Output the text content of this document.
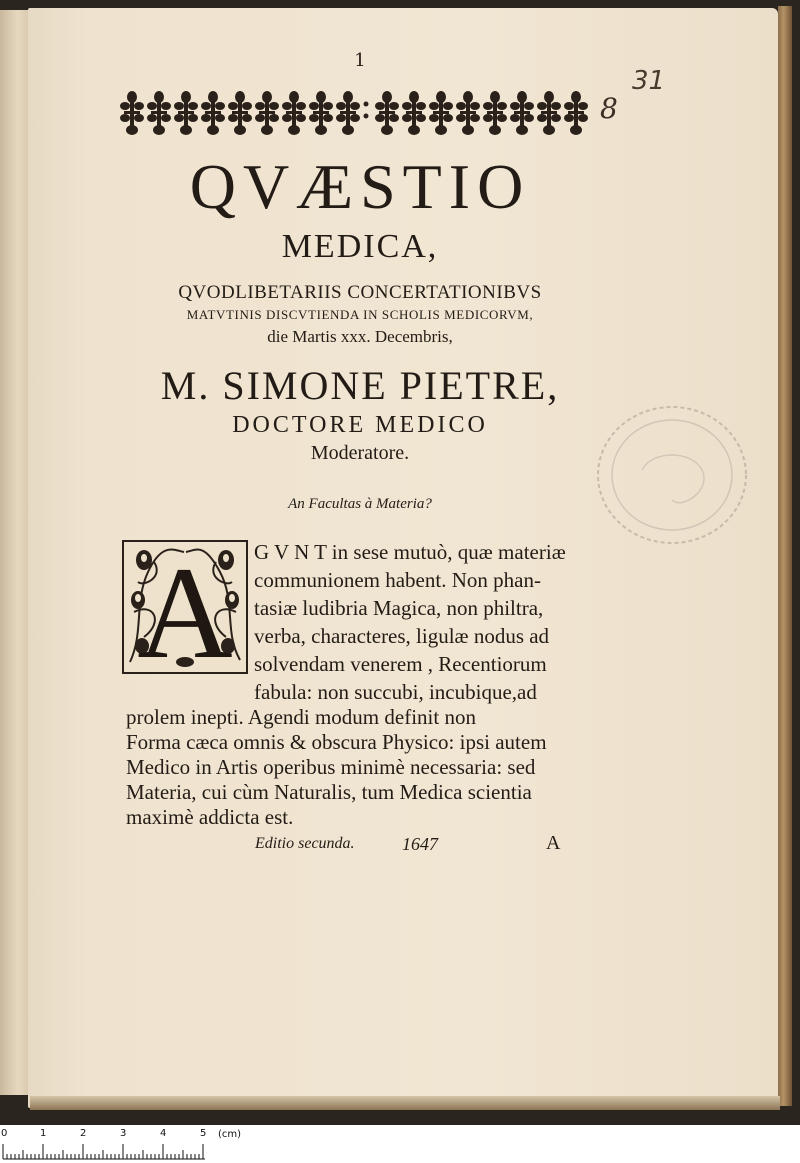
1
31
8
QVÆSTIO
MEDICA,
QVODLIBETARIIS CONCERTATIONIBVS
MATVTINIS DISCVTIENDA IN SCHOLIS MEDICORVM,
die Martis xxx. Decembris,
M. SIMONE PIETRE,
DOCTORE MEDICO
Moderatore.
An Facultas à Materia?
A	G V N T in sese mutuò, quæ materiæ
communionem habent. Non phan-
tasiæ ludibria Magica, non philtra,
verba, characteres, ligulæ nodus ad
solvendam venerem , Recentiorum
fabula: non succubi, incubique,ad
prolem inepti. Agendi modum definit non
Forma cæca omnis & obscura Physico: ipsi autem
Medico in Artis operibus minimè necessaria: sed
Materia, cui cùm Naturalis, tum Medica scientia
maximè addicta est.
Editio secunda.	1647	A
0	1	2	3	4	5 (cm)
